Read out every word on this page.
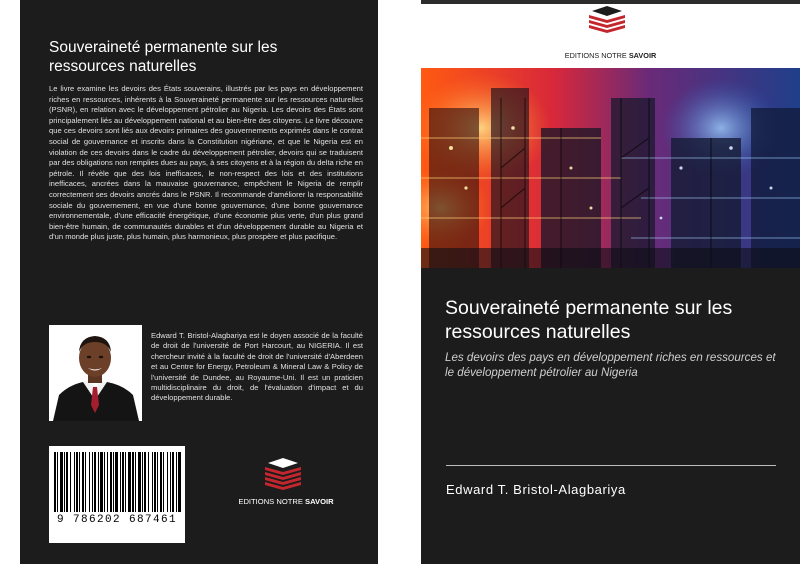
Souveraineté permanente sur les ressources naturelles

Le livre examine les devoirs des États souverains, illustrés par les pays en développement riches en ressources, inhérents à la Souveraineté permanente sur les ressources naturelles (PSNR), en relation avec le développement pétrolier au Nigeria. Les devoirs des États sont principalement liés au développement national et au bien-être des citoyens. Le livre découvre que ces devoirs sont liés aux devoirs primaires des gouvernements exprimés dans le contrat social de gouvernance et inscrits dans la Constitution nigériane, et que le Nigeria est en violation de ces devoirs dans le cadre du développement pétrolier, devoirs qui se traduisent par des obligations non remplies dues au pays, à ses citoyens et à la région du delta riche en pétrole. Il révèle que des lois inefficaces, le non-respect des lois et des institutions inefficaces, ancrées dans la mauvaise gouvernance, empêchent le Nigeria de remplir correctement ses devoirs ancrés dans le PSNR. Il recommande d'améliorer la responsabilité sociale du gouvernement, en vue d'une bonne gouvernance, d'une bonne gouvernance environnementale, d'une efficacité énergétique, d'une économie plus verte, d'un plus grand bien-être humain, de communautés durables et d'un développement durable au Nigeria et d'un monde plus juste, plus humain, plus harmonieux, plus prospère et plus pacifique.

Edward T. Bristol-Alagbariya est le doyen associé de la faculté de droit de l'université de Port Harcourt, au NIGERIA. Il est chercheur invité à la faculté de droit de l'université d'Aberdeen et au Centre for Energy, Petroleum & Mineral Law & Policy de l'université de Dundee, au Royaume-Uni. Il est un praticien multidisciplinaire du droit, de l'évaluation d'impact et du développement durable.

9 786202 687461
EDITIONS NOTRE SAVOIR
EDITIONS NOTRE SAVOIR
Souveraineté permanente sur les ressources naturelles
Les devoirs des pays en développement riches en ressources et le développement pétrolier au Nigeria
Edward T. Bristol-Alagbariya
